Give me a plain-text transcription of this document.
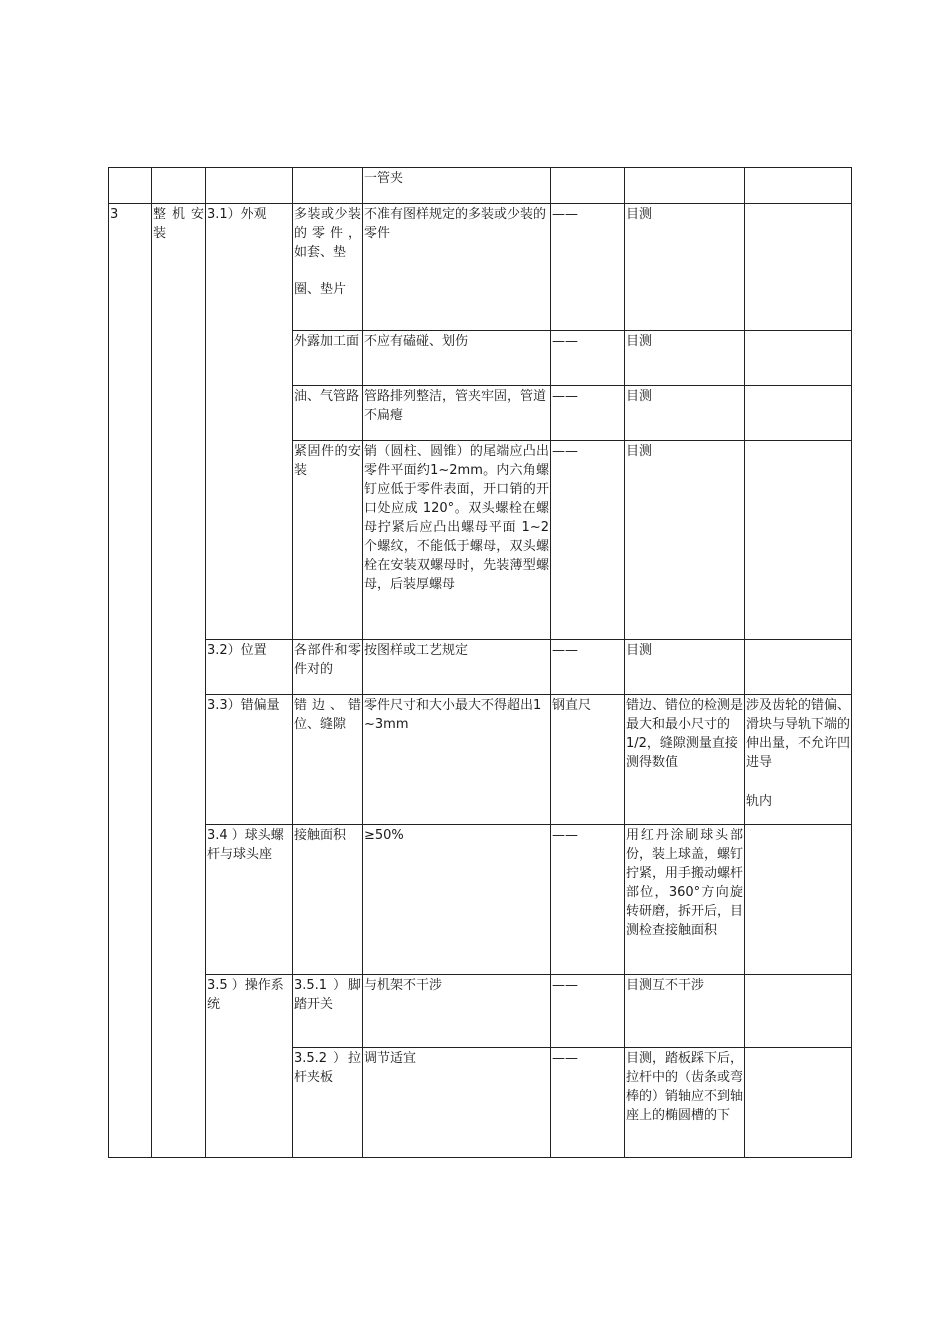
				一管夹			
3	整机安装	3.1）外观	多装或少装的零件，
如套、垫
圈、垫片	不准有图样规定的多装或少装的零件	——	目测	

			外露加工面	不应有磕碰、划伤	——	目测	

			油、气管路	管路排列整洁，管夹牢固，管道不扁瘪	——	目测	

			紧固件的安装	销（圆柱、圆锥）的尾端应凸出零件平面约1~2mm。内六角螺钉应低于零件表面，开口销的开口处应成 120°。双头螺栓在螺母拧紧后应凸出螺母平面 1~2 个螺纹，不能低于螺母，双头螺栓在安装双螺母时，先装薄型螺母，后装厚螺母	——	目测	
		3.2）位置	各部件和零件对的	按图样或工艺规定	——	目测	
		3.3）错偏量	错边、错位、缝隙	零件尺寸和大小最大不得超出1~3mm	钢直尺	错边、错位的检测是最大和最小尺寸的 1/2，缝隙测量直接测得数值	涉及齿轮的错偏、滑块与导轨下端的伸出量，不允许凹进导
轨内

		3.4 ）球头螺杆与球头座	接触面积	≥50%	——	用红丹涂刷球头部份，装上球盖，螺钉拧紧，用手搬动螺杆部位，360°方向旋转研磨，拆开后，目测检查接触面积	

		3.5 ）操作系统	3.5.1 ）脚踏开关	与机架不干涉	——	目测互不干涉	

			3.5.2 ）拉杆夹板	调节适宜	——	目测，踏板踩下后，拉杆中的（齿条或弯棒的）销轴应不到轴座上的椭圆槽的下	
